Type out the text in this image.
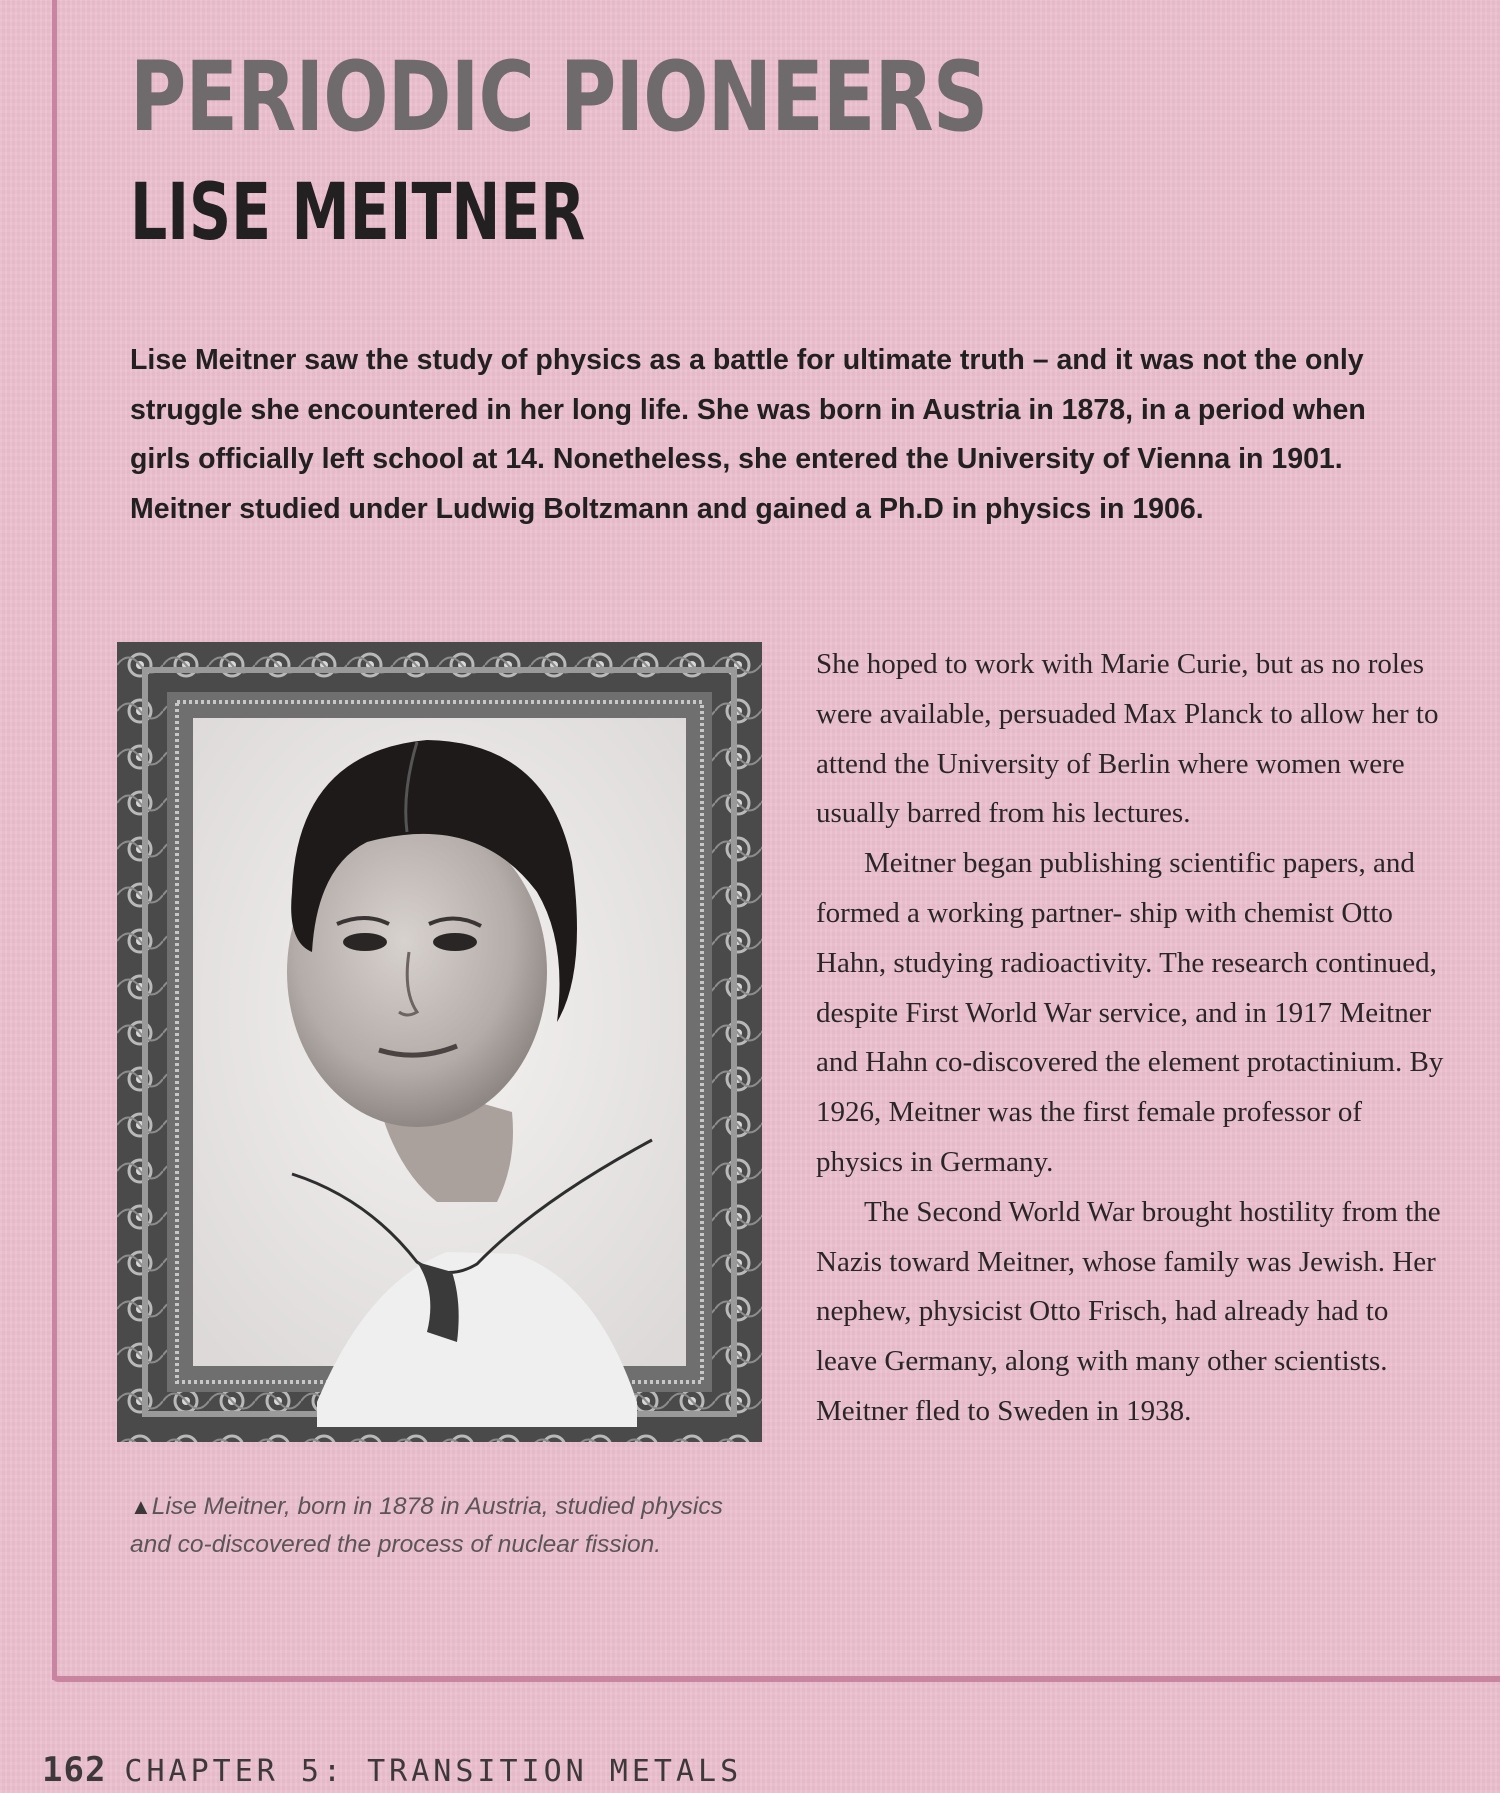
PERIODIC PIONEERS
LISE MEITNER

Lise Meitner saw the study of physics as a battle for ultimate truth – and it was not the only struggle she encountered in her long life. She was born in Austria in 1878, in a period when girls officially left school at 14. Nonetheless, she entered the University of Vienna in 1901. Meitner studied under Ludwig Boltzmann and gained a Ph.D in physics in 1906.

▲Lise Meitner, born in 1878 in Austria, studied physics and co-discovered the process of nuclear fission.

She hoped to work with Marie Curie, but as no roles were available, persuaded Max Planck to allow her to attend the University of Berlin where women were usually barred from his lectures.

Meitner began publishing scientific papers, and formed a working partner- ship with chemist Otto Hahn, studying radioactivity. The research continued, despite First World War service, and in 1917 Meitner and Hahn co-discovered the element protactinium. By 1926, Meitner was the first female professor of physics in Germany.

The Second World War brought hostility from the Nazis toward Meitner, whose family was Jewish. Her nephew, physicist Otto Frisch, had already had to leave Germany, along with many other scientists. Meitner fled to Sweden in 1938.

162 CHAPTER 5: TRANSITION METALS
